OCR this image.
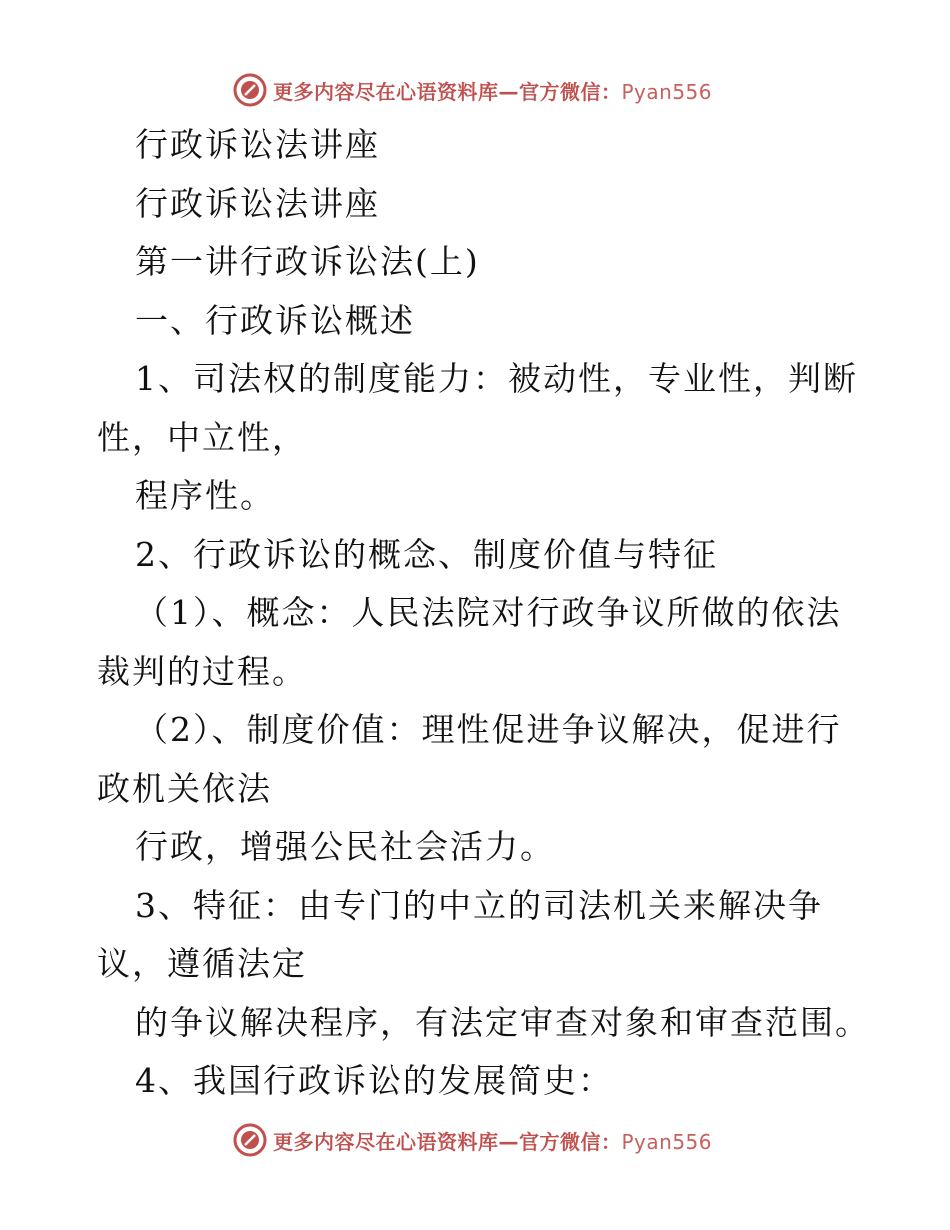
更多内容尽在心语资料库—官方微信：Pyan556
行政诉讼法讲座
行政诉讼法讲座
第一讲行政诉讼法(上)
一、行政诉讼概述
1、司法权的制度能力：被动性，专业性，判断
性，中立性，
程序性。
2、行政诉讼的概念、制度价值与特征
（1）、概念：人民法院对行政争议所做的依法
裁判的过程。
（2）、制度价值：理性促进争议解决，促进行
政机关依法
行政，增强公民社会活力。
3、特征：由专门的中立的司法机关来解决争
议，遵循法定
的争议解决程序，有法定审查对象和审查范围。
4、我国行政诉讼的发展简史：
更多内容尽在心语资料库—官方微信：Pyan556
